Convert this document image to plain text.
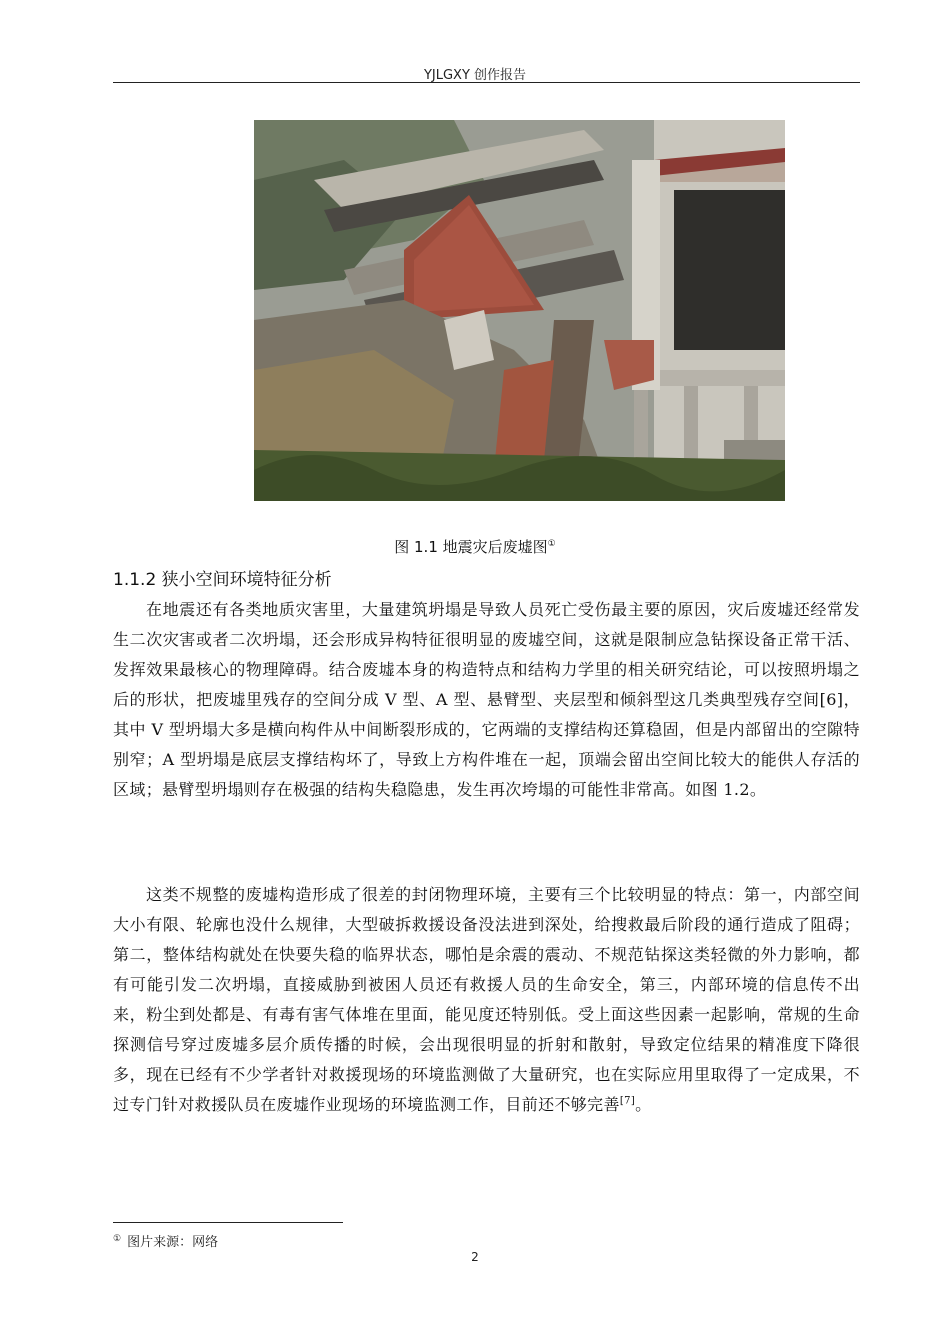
YJLGXY 创作报告
图 1.1 地震灾后废墟图①
1.1.2 狭小空间环境特征分析

在地震还有各类地质灾害里，大量建筑坍塌是导致人员死亡受伤最主要的原因，灾后废墟还经常发生二次灾害或者二次坍塌，还会形成异构特征很明显的废墟空间，这就是限制应急钻探设备正常干活、发挥效果最核心的物理障碍。结合废墟本身的构造特点和结构力学里的相关研究结论，可以按照坍塌之后的形状，把废墟里残存的空间分成 V 型、A 型、悬臂型、夹层型和倾斜型这几类典型残存空间[6]，其中 V 型坍塌大多是横向构件从中间断裂形成的，它两端的支撑结构还算稳固，但是内部留出的空隙特别窄；A 型坍塌是底层支撑结构坏了，导致上方构件堆在一起，顶端会留出空间比较大的能供人存活的区域；悬臂型坍塌则存在极强的结构失稳隐患，发生再次垮塌的可能性非常高。如图 1.2。

这类不规整的废墟构造形成了很差的封闭物理环境，主要有三个比较明显的特点：第一，内部空间大小有限、轮廓也没什么规律，大型破拆救援设备没法进到深处，给搜救最后阶段的通行造成了阻碍；第二，整体结构就处在快要失稳的临界状态，哪怕是余震的震动、不规范钻探这类轻微的外力影响，都有可能引发二次坍塌，直接威胁到被困人员还有救援人员的生命安全，第三，内部环境的信息传不出来，粉尘到处都是、有毒有害气体堆在里面，能见度还特别低。受上面这些因素一起影响，常规的生命探测信号穿过废墟多层介质传播的时候，会出现很明显的折射和散射，导致定位结果的精准度下降很多，现在已经有不少学者针对救援现场的环境监测做了大量研究，也在实际应用里取得了一定成果，不过专门针对救援队员在废墟作业现场的环境监测工作，目前还不够完善[7]。

① 图片来源：网络
2
